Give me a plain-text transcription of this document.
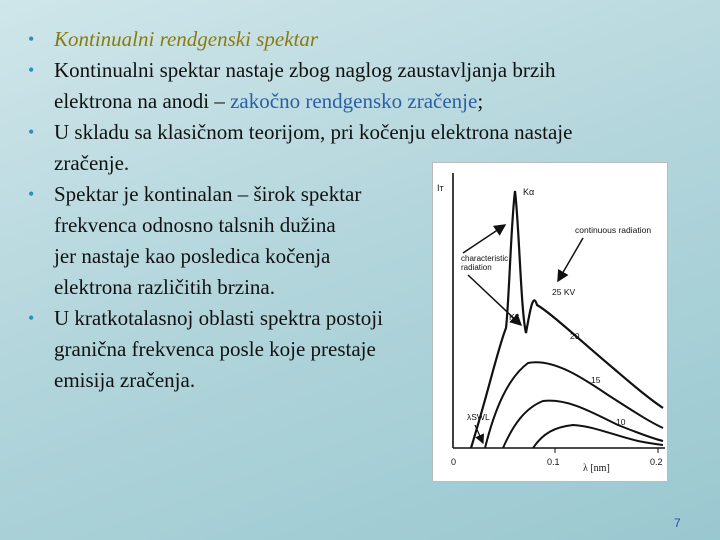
• Kontinualni rendgenski spektar
• Kontinualni spektar nastaje zbog naglog zaustavljanja brzih
elektrona na anodi – zakočno rendgensko zračenje;
• U skladu sa klasičnom teorijom, pri kočenju elektrona nastaje
zračenje.
• Spektar je kontinalan – širok spektar
frekvenca odnosno talsnih dužina
jer nastaje kao posledica kočenja
elektrona različitih brzina.
• U kratkotalasnoj oblasti spektra postoji
granična frekvenca posle koje prestaje
emisija zračenja.
Iᴛ	Kα
continuous radiation
characteristic
radiation
25 KV
Kβ
20
15
10
λSWL
0	0.1
λ [nm]
0.2
7
